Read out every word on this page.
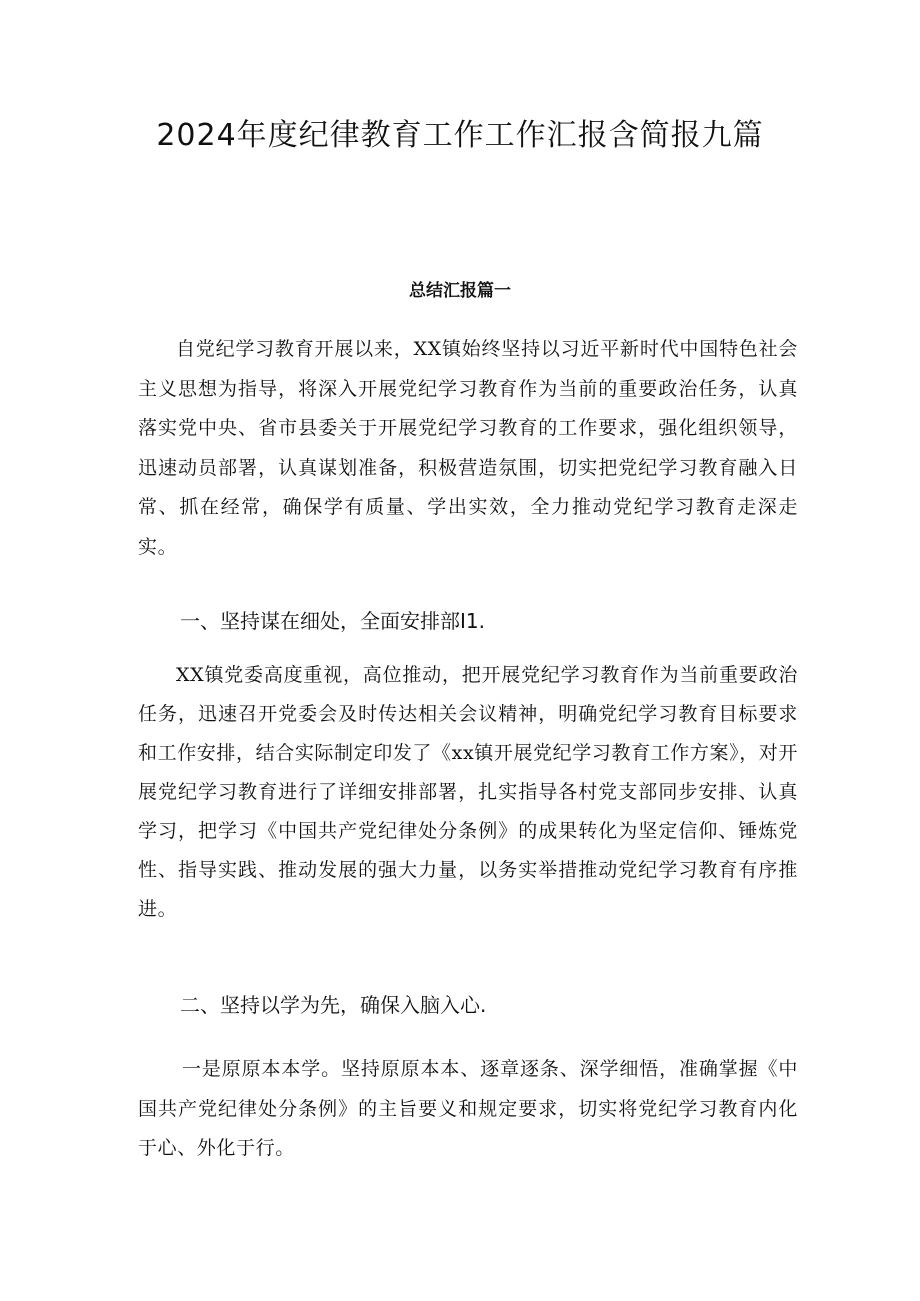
2024年度纪律教育工作工作汇报含简报九篇
总结汇报篇一

自党纪学习教育开展以来，XX镇始终坚持以习近平新时代中国特色社会主义思想为指导，将深入开展党纪学习教育作为当前的重要政治任务，认真落实党中央、省市县委关于开展党纪学习教育的工作要求，强化组织领导，迅速动员部署，认真谋划准备，积极营造氛围，切实把党纪学习教育融入日常、抓在经常，确保学有质量、学出实效，全力推动党纪学习教育走深走实。

一、坚持谋在细处，全面安排部I1.

XX镇党委高度重视，高位推动，把开展党纪学习教育作为当前重要政治任务，迅速召开党委会及时传达相关会议精神，明确党纪学习教育目标要求和工作安排，结合实际制定印发了《xx镇开展党纪学习教育工作方案》，对开展党纪学习教育进行了详细安排部署，扎实指导各村党支部同步安排、认真学习，把学习《中国共产党纪律处分条例》的成果转化为坚定信仰、锤炼党性、指导实践、推动发展的强大力量，以务实举措推动党纪学习教育有序推进。

二、坚持以学为先，确保入脑入心.

一是原原本本学。坚持原原本本、逐章逐条、深学细悟，准确掌握《中国共产党纪律处分条例》的主旨要义和规定要求，切实将党纪学习教育内化于心、外化于行。
